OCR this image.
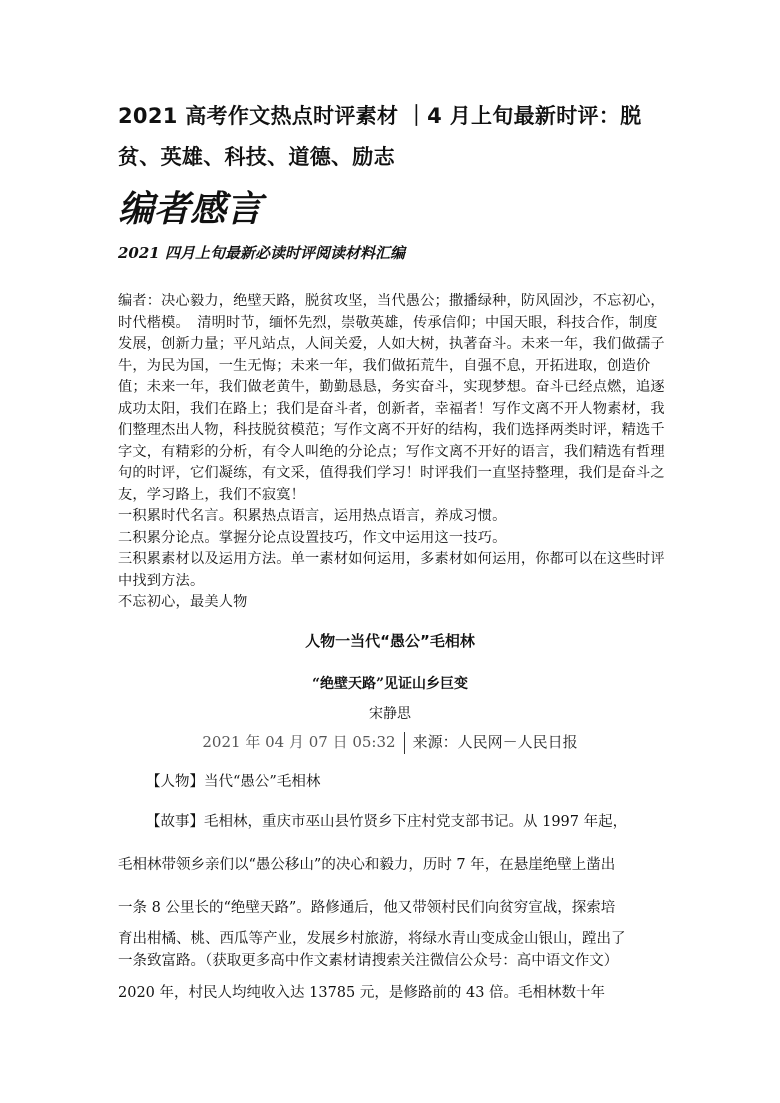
2021 高考作文热点时评素材 ｜4 月上旬最新时评：脱贫、英雄、科技、道德、励志
编者感言
2021 四月上旬最新必读时评阅读材料汇编

编者：决心毅力，绝壁天路，脱贫攻坚，当代愚公；撒播绿种，防风固沙，不忘初心，时代楷模。　清明时节，缅怀先烈，崇敬英雄，传承信仰；中国天眼，科技合作，制度发展，创新力量；平凡站点，人间关爱，人如大树，执著奋斗。未来一年，我们做孺子牛，为民为国，一生无悔；未来一年，我们做拓荒牛，自强不息，开拓进取，创造价值；未来一年，我们做老黄牛，勤勤恳恳，务实奋斗，实现梦想。奋斗已经点燃，追逐成功太阳，我们在路上；我们是奋斗者，创新者，幸福者！写作文离不开人物素材，我们整理杰出人物，科技脱贫模范；写作文离不开好的结构，我们选择两类时评，精选千字文，有精彩的分析，有令人叫绝的分论点；写作文离不开好的语言，我们精选有哲理句的时评，它们凝练，有文采，值得我们学习！时评我们一直坚持整理，我们是奋斗之友，学习路上，我们不寂寞！

一积累时代名言。积累热点语言，运用热点语言，养成习惯。

二积累分论点。掌握分论点设置技巧，作文中运用这一技巧。

三积累素材以及运用方法。单一素材如何运用，多素材如何运用，你都可以在这些时评中找到方法。

不忘初心，最美人物

人物一当代“愚公”毛相林
“绝壁天路”见证山乡巨变
宋静思
2021 年 04 月 07 日 05:32 来源：人民网－人民日报
【人物】当代“愚公”毛相林
【故事】毛相林，重庆市巫山县竹贤乡下庄村党支部书记。从 1997 年起，
毛相林带领乡亲们以“愚公移山”的决心和毅力，历时 7 年，在悬崖绝壁上凿出
一条 8 公里长的“绝壁天路”。路修通后，他又带领村民们向贫穷宣战，探索培
育出柑橘、桃、西瓜等产业，发展乡村旅游，将绿水青山变成金山银山，蹚出了
一条致富路。（获取更多高中作文素材请搜索关注微信公众号：高中语文作文）
2020 年，村民人均纯收入达 13785 元，是修路前的 43 倍。毛相林数十年
